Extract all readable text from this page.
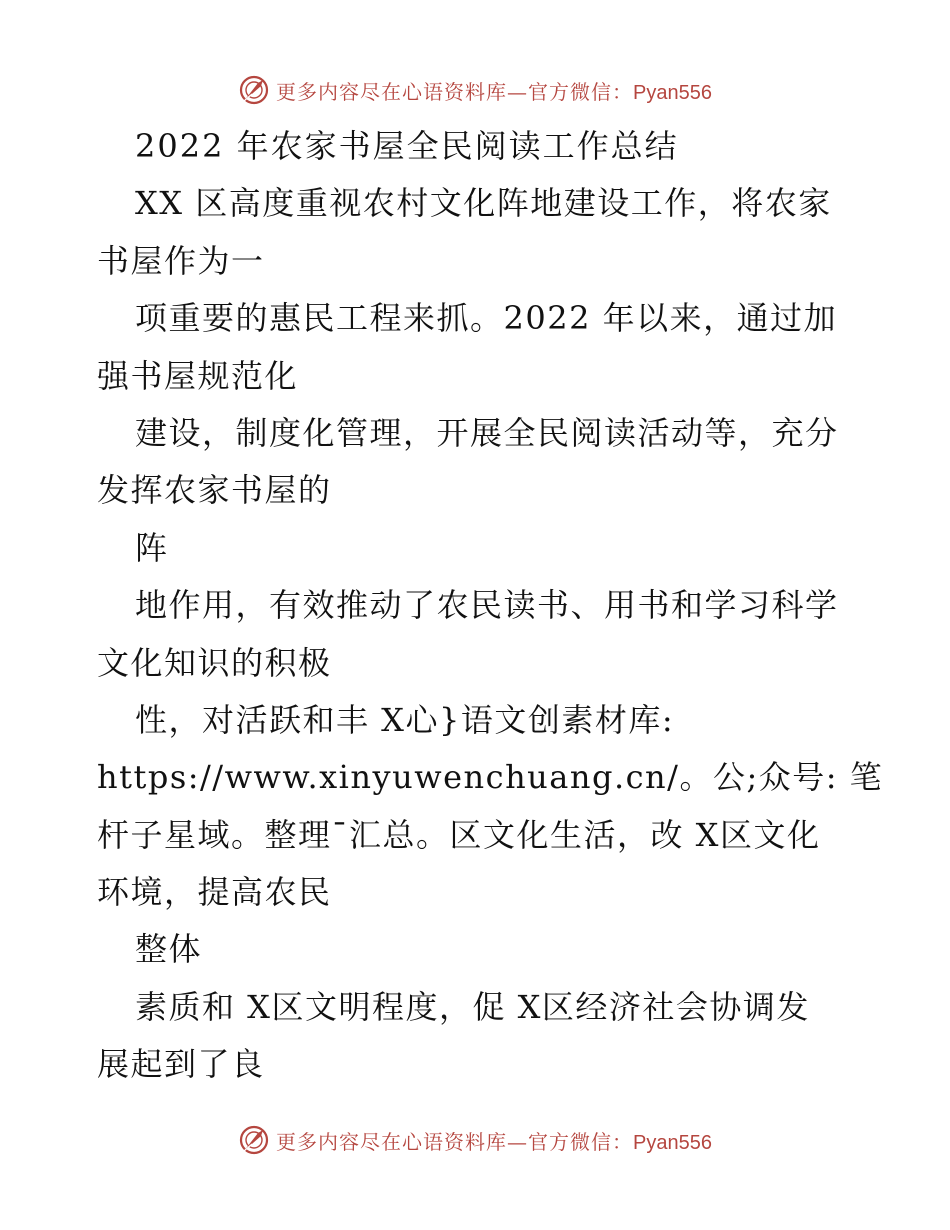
更多内容尽在心语资料库—官方微信：Pyan556
2022 年农家书屋全民阅读工作总结
XX 区高度重视农村文化阵地建设工作，将农家
书屋作为一
项重要的惠民工程来抓。2022 年以来，通过加
强书屋规范化
建设，制度化管理，开展全民阅读活动等，充分
发挥农家书屋的
阵
地作用，有效推动了农民读书、用书和学习科学
文化知识的积极
性，对活跃和丰 X心}语文创素材库:
https://www.xinyuwenchuang.cn/。公;众号: 笔
杆子星域。整理¯汇总。区文化生活，改 X区文化
环境，提高农民
整体
素质和 X区文明程度，促 X区经济社会协调发
展起到了良
更多内容尽在心语资料库—官方微信：Pyan556
